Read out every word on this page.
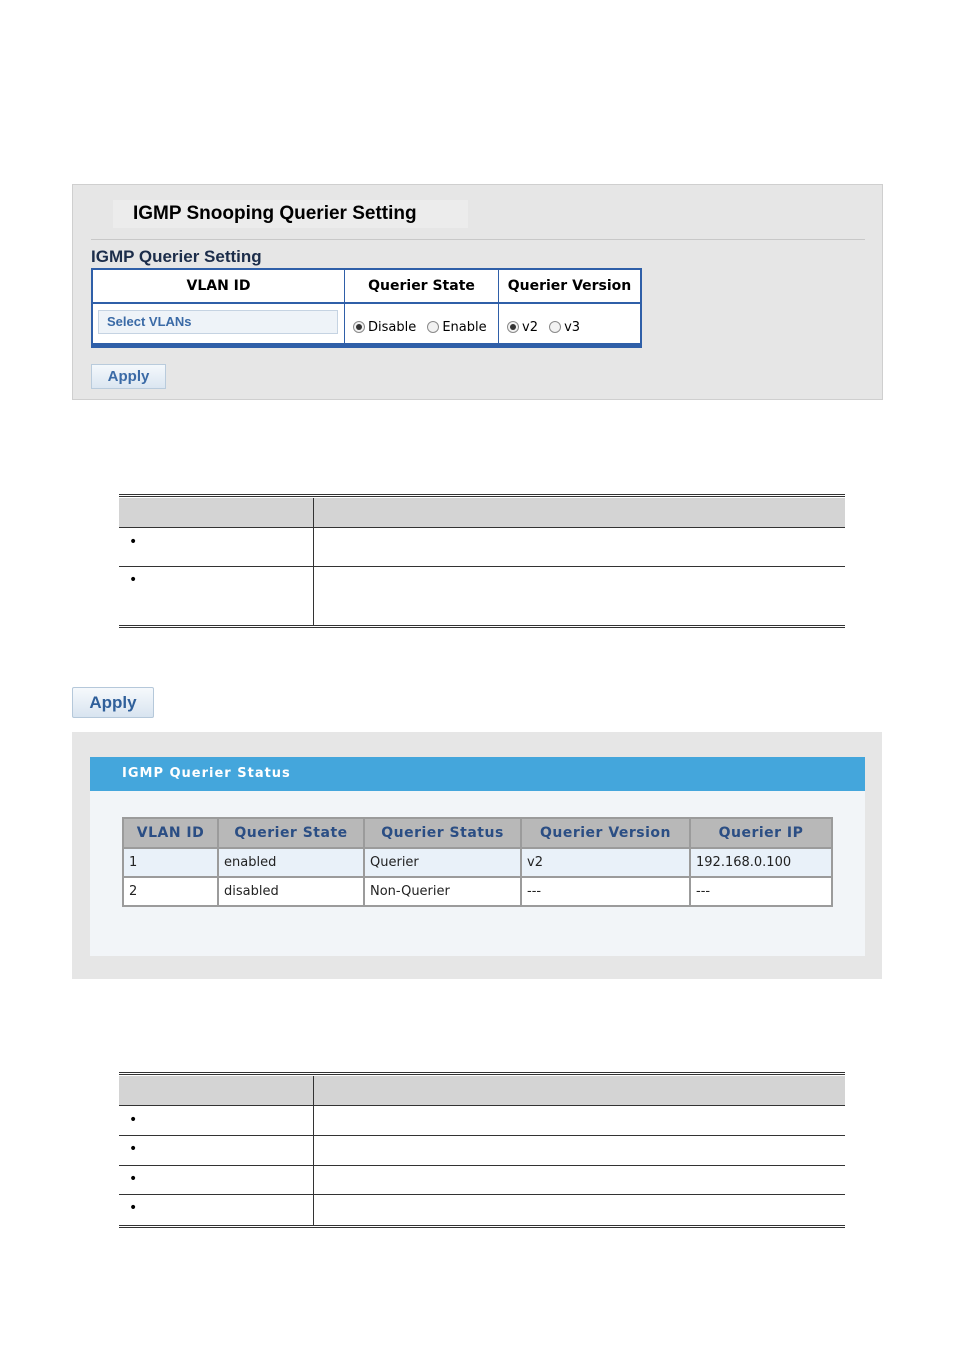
IGMP Snooping Querier Setting
IGMP Querier Setting
VLAN ID	Querier State	Querier Version
Select VLANs	Disable Enable	v2 v3
Apply
•
•
Apply
IGMP Querier Status
VLAN ID	Querier State	Querier Status	Querier Version	Querier IP
1	enabled	Querier	v2	192.168.0.100
2	disabled	Non-Querier	---	---
•
•
•
•
